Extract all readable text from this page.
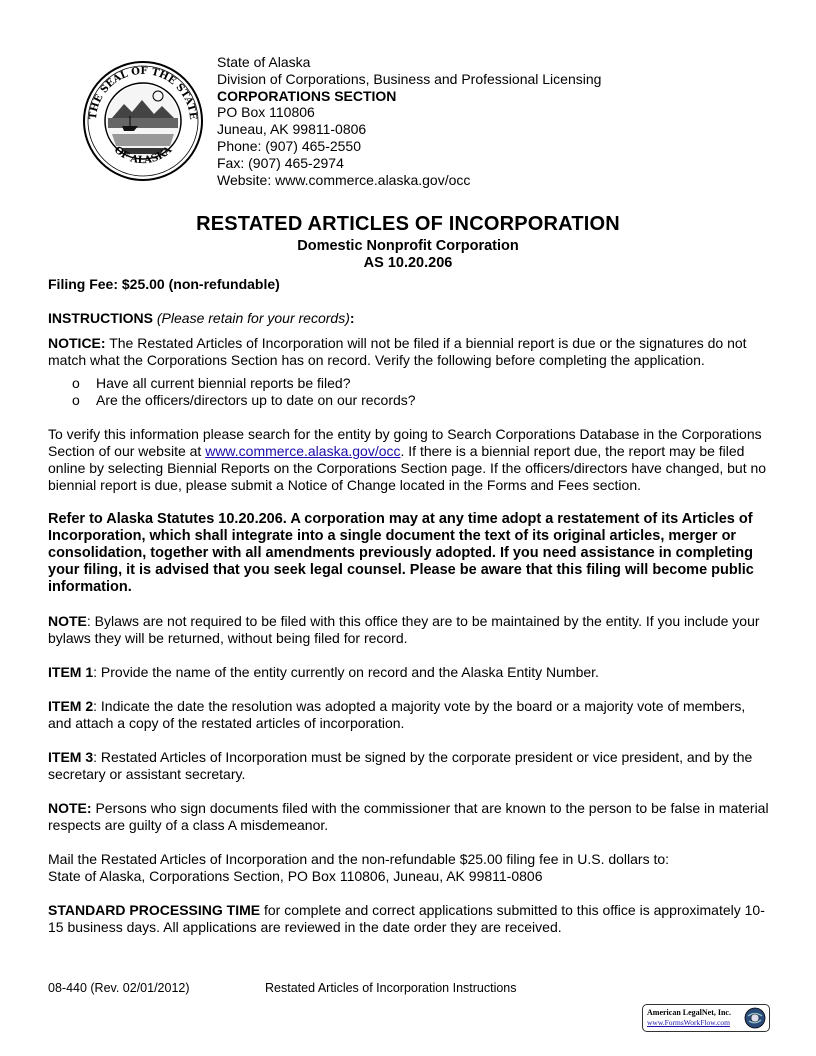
THE SEAL OF THE STATE
OF ALASKA
State of Alaska
Division of Corporations, Business and Professional Licensing
CORPORATIONS SECTION
PO Box 110806
Juneau, AK 99811-0806
Phone: (907) 465-2550
Fax: (907) 465-2974
Website: www.commerce.alaska.gov/occ
RESTATED ARTICLES OF INCORPORATION
Domestic Nonprofit Corporation
AS 10.20.206

Filing Fee: $25.00 (non-refundable)

INSTRUCTIONS (Please retain for your records):

NOTICE: The Restated Articles of Incorporation will not be filed if a biennial report is due or the signatures do not match what the Corporations Section has on record. Verify the following before completing the application.

o Have all current biennial reports be filed?
o Are the officers/directors up to date on our records?

To verify this information please search for the entity by going to Search Corporations Database in the Corporations Section of our website at www.commerce.alaska.gov/occ. If there is a biennial report due, the report may be filed online by selecting Biennial Reports on the Corporations Section page. If the officers/directors have changed, but no biennial report is due, please submit a Notice of Change located in the Forms and Fees section.

Refer to Alaska Statutes 10.20.206. A corporation may at any time adopt a restatement of its Articles of Incorporation, which shall integrate into a single document the text of its original articles, merger or consolidation, together with all amendments previously adopted. If you need assistance in completing your filing, it is advised that you seek legal counsel. Please be aware that this filing will become public information.

NOTE: Bylaws are not required to be filed with this office they are to be maintained by the entity. If you include your bylaws they will be returned, without being filed for record.

ITEM 1: Provide the name of the entity currently on record and the Alaska Entity Number.

ITEM 2: Indicate the date the resolution was adopted a majority vote by the board or a majority vote of members, and attach a copy of the restated articles of incorporation.

ITEM 3: Restated Articles of Incorporation must be signed by the corporate president or vice president, and by the secretary or assistant secretary.

NOTE: Persons who sign documents filed with the commissioner that are known to the person to be false in material respects are guilty of a class A misdemeanor.

Mail the Restated Articles of Incorporation and the non-refundable $25.00 filing fee in U.S. dollars to:
State of Alaska, Corporations Section, PO Box 110806, Juneau, AK 99811-0806

STANDARD PROCESSING TIME for complete and correct applications submitted to this office is approximately 10-15 business days. All applications are reviewed in the date order they are received.

08-440 (Rev. 02/01/2012)	Restated Articles of Incorporation Instructions
American LegalNet, Inc.
www.FormsWorkFlow.com
